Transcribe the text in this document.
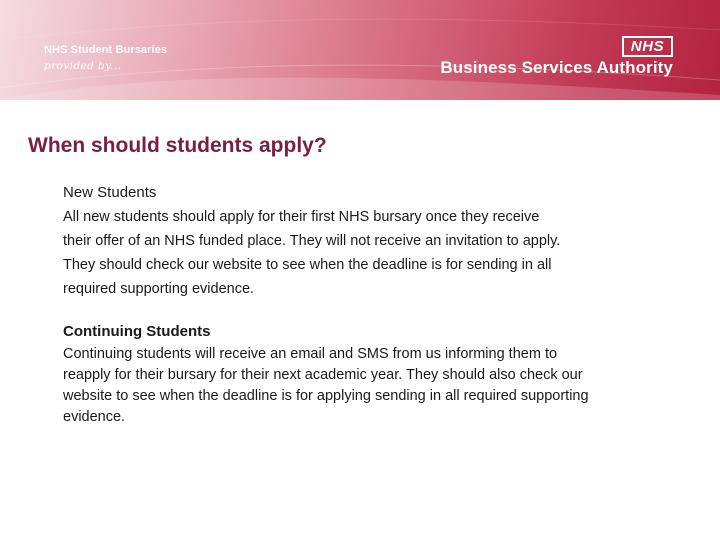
NHS Student Bursaries
provided by...
NHS
Business Services Authority
When should students apply?

New Students

All new students should apply for their first NHS bursary once they receive
their offer of an NHS funded place. They will not receive an invitation to apply.
They should check our website to see when the deadline is for sending in all
required supporting evidence.

Continuing Students

Continuing students will receive an email and SMS from us informing them to
reapply for their bursary for their next academic year. They should also check our
website to see when the deadline is for applying sending in all required supporting
evidence.
